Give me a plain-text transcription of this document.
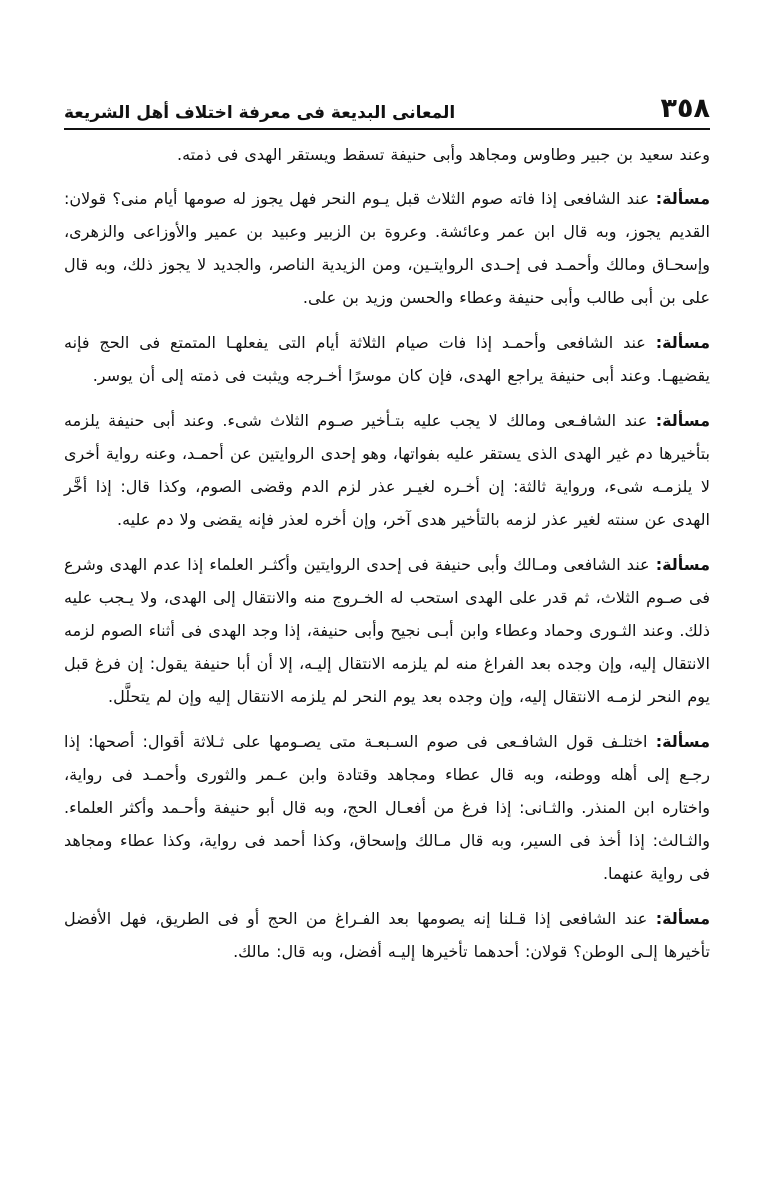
٣٥٨
المعانى البديعة فى معرفة اختلاف أهل الشريعة

وعند سعيد بن جبير وطاوس ومجاهد وأبى حنيفة تسقط ويستقر الهدى فى ذمته.

مسألة: عند الشافعى إذا فاته صوم الثلاث قبل يـوم النحر فهل يجوز له صومها أيام منى؟ قولان: القديم يجوز، وبه قال ابن عمر وعائشة. وعروة بن الزبير وعبيد بن عمير والأوزاعى والزهرى، وإسحـاق ومالك وأحمـد فى إحـدى الروايتـين، ومن الزيدية الناصر، والجديد لا يجوز ذلك، وبه قال على بن أبى طالب وأبى حنيفة وعطاء والحسن وزيد بن على.

مسألة: عند الشافعى وأحمـد إذا فات صيام الثلاثة أيام التى يفعلهـا المتمتع فى الحج فإنه يقضيهـا. وعند أبى حنيفة يراجع الهدى، فإن كان موسرًا أخـرجه ويثبت فى ذمته إلى أن يوسر.

مسألة: عند الشافـعى ومالك لا يجب عليه بتـأخير صـوم الثلاث شىء. وعند أبى حنيفة يلزمه بتأخيرها دم غير الهدى الذى يستقر عليه بفواتها، وهو إحدى الروايتين عن أحمـد، وعنه رواية أخرى لا يلزمـه شىء، ورواية ثالثة: إن أخـره لغيـر عذر لزم الدم وقضى الصوم، وكذا قال: إذا أخَّر الهدى عن سنته لغير عذر لزمه بالتأخير هدى آخر، وإن أخره لعذر فإنه يقضى ولا دم عليه.

مسألة: عند الشافعى ومـالك وأبى حنيفة فى إحدى الروايتين وأكثـر العلماء إذا عدم الهدى وشرع فى صـوم الثلاث، ثم قدر على الهدى استحب له الخـروج منه والانتقال إلى الهدى، ولا يـجب عليه ذلك. وعند الثـورى وحماد وعطاء وابن أبـى نجيح وأبى حنيفة، إذا وجد الهدى فى أثناء الصوم لزمه الانتقال إليه، وإن وجده بعد الفراغ منه لم يلزمه الانتقال إليـه، إلا أن أبا حنيفة يقول: إن فرغ قبل يوم النحر لزمـه الانتقال إليه، وإن وجده بعد يوم النحر لم يلزمه الانتقال إليه وإن لم يتحلَّل.

مسألة: اختلـف قول الشافـعى فى صوم السـبعـة متى يصـومها على ثـلاثة أقوال: أصحها: إذا رجـع إلى أهله ووطنه، وبه قال عطاء ومجاهد وقتادة وابن عـمر والثورى وأحمـد فى رواية، واختاره ابن المنذر. والثـانى: إذا فرغ من أفعـال الحج، وبه قال أبو حنيفة وأحـمد وأكثر العلماء. والثـالث: إذا أخذ فى السير، وبه قال مـالك وإسحاق، وكذا أحمد فى رواية، وكذا عطاء ومجاهد فى رواية عنهما.

مسألة: عند الشافعى إذا قـلنا إنه يصومها بعد الفـراغ من الحج أو فى الطريق، فهل الأفضل تأخيرها إلـى الوطن؟ قولان: أحدهما تأخيرها إليـه أفضل، وبه قال: مالك.
